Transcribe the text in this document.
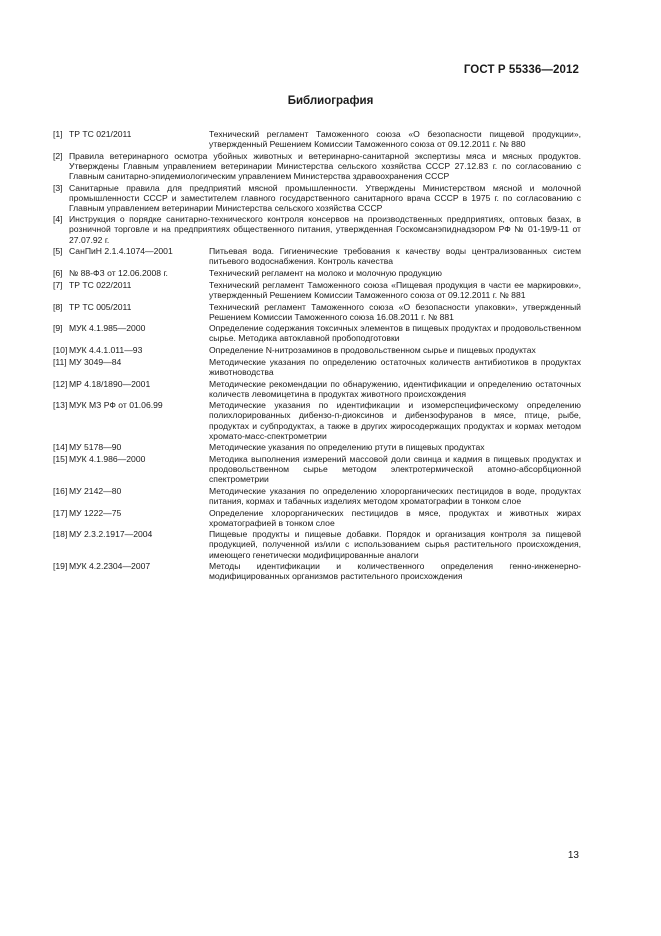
ГОСТ Р 55336—2012
Библиография
[1] ТР ТС 021/2011	Технический регламент Таможенного союза «О безопасности пищевой продукции», утвержденный Решением Комиссии Таможенного союза от 09.12.2011 г. № 880
[2] Правила ветеринарного осмотра убойных животных и ветеринарно-санитарной экспертизы мяса и мясных продуктов. Утверждены Главным управлением ветеринарии Министерства сельского хозяйства СССР 27.12.83 г. по согласованию с Главным санитарно-эпидемиологическим управлением Министерства здравоохранения СССР
[3] Санитарные правила для предприятий мясной промышленности. Утверждены Министерством мясной и молочной промышленности СССР и заместителем главного государственного санитарного врача СССР в 1975 г. по согласованию с Главным управлением ветеринарии Министерства сельского хозяйства СССР
[4] Инструкция о порядке санитарно-технического контроля консервов на производственных предприятиях, оптовых базах, в розничной торговле и на предприятиях общественного питания, утвержденная Госкомсанэпиднадзором РФ № 01-19/9-11 от 27.07.92 г.
[5] СанПиН 2.1.4.1074—2001	Питьевая вода. Гигиенические требования к качеству воды централизованных систем питьевого водоснабжения. Контроль качества
[6] № 88-ФЗ от 12.06.2008 г.	Технический регламент на молоко и молочную продукцию
[7] ТР ТС 022/2011	Технический регламент Таможенного союза «Пищевая продукция в части ее маркировки», утвержденный Решением Комиссии Таможенного союза от 09.12.2011 г. № 881
[8] ТР ТС 005/2011	Технический регламент Таможенного союза «О безопасности упаковки», утвержденный Решением Комиссии Таможенного союза 16.08.2011 г. № 881
[9] МУК 4.1.985—2000	Определение содержания токсичных элементов в пищевых продуктах и продовольственном сырье. Методика автоклавной пробоподготовки
[10] МУК 4.4.1.011—93	Определение N-нитрозаминов в продовольственном сырье и пищевых продуктах
[11] МУ 3049—84	Методические указания по определению остаточных количеств антибиотиков в продуктах животноводства
[12] МР 4.18/1890—2001	Методические рекомендации по обнаружению, идентификации и определению остаточных количеств левомицетина в продуктах животного происхождения
[13] МУК МЗ РФ от 01.06.99	Методические указания по идентификации и изомерспецифическому определению полихлорированных дибензо-п-диоксинов и дибензофуранов в мясе, птице, рыбе, продуктах и субпродуктах, а также в других жиросодержащих продуктах и кормах методом хромато-масс-спектрометрии
[14] МУ 5178—90	Методические указания по определению ртути в пищевых продуктах
[15] МУК 4.1.986—2000	Методика выполнения измерений массовой доли свинца и кадмия в пищевых продуктах и продовольственном сырье методом электротермической атомно-абсорбционной спектрометрии
[16] МУ 2142—80	Методические указания по определению хлорорганических пестицидов в воде, продуктах питания, кормах и табачных изделиях методом хроматографии в тонком слое
[17] МУ 1222—75	Определение хлорорганических пестицидов в мясе, продуктах и животных жирах хроматографией в тонком слое
[18] МУ 2.3.2.1917—2004	Пищевые продукты и пищевые добавки. Порядок и организация контроля за пищевой продукцией, полученной из/или с использованием сырья растительного происхождения, имеющего генетически модифицированные аналоги
[19] МУК 4.2.2304—2007	Методы идентификации и количественного определения генно-инженерно-модифицированных организмов растительного происхождения
13
